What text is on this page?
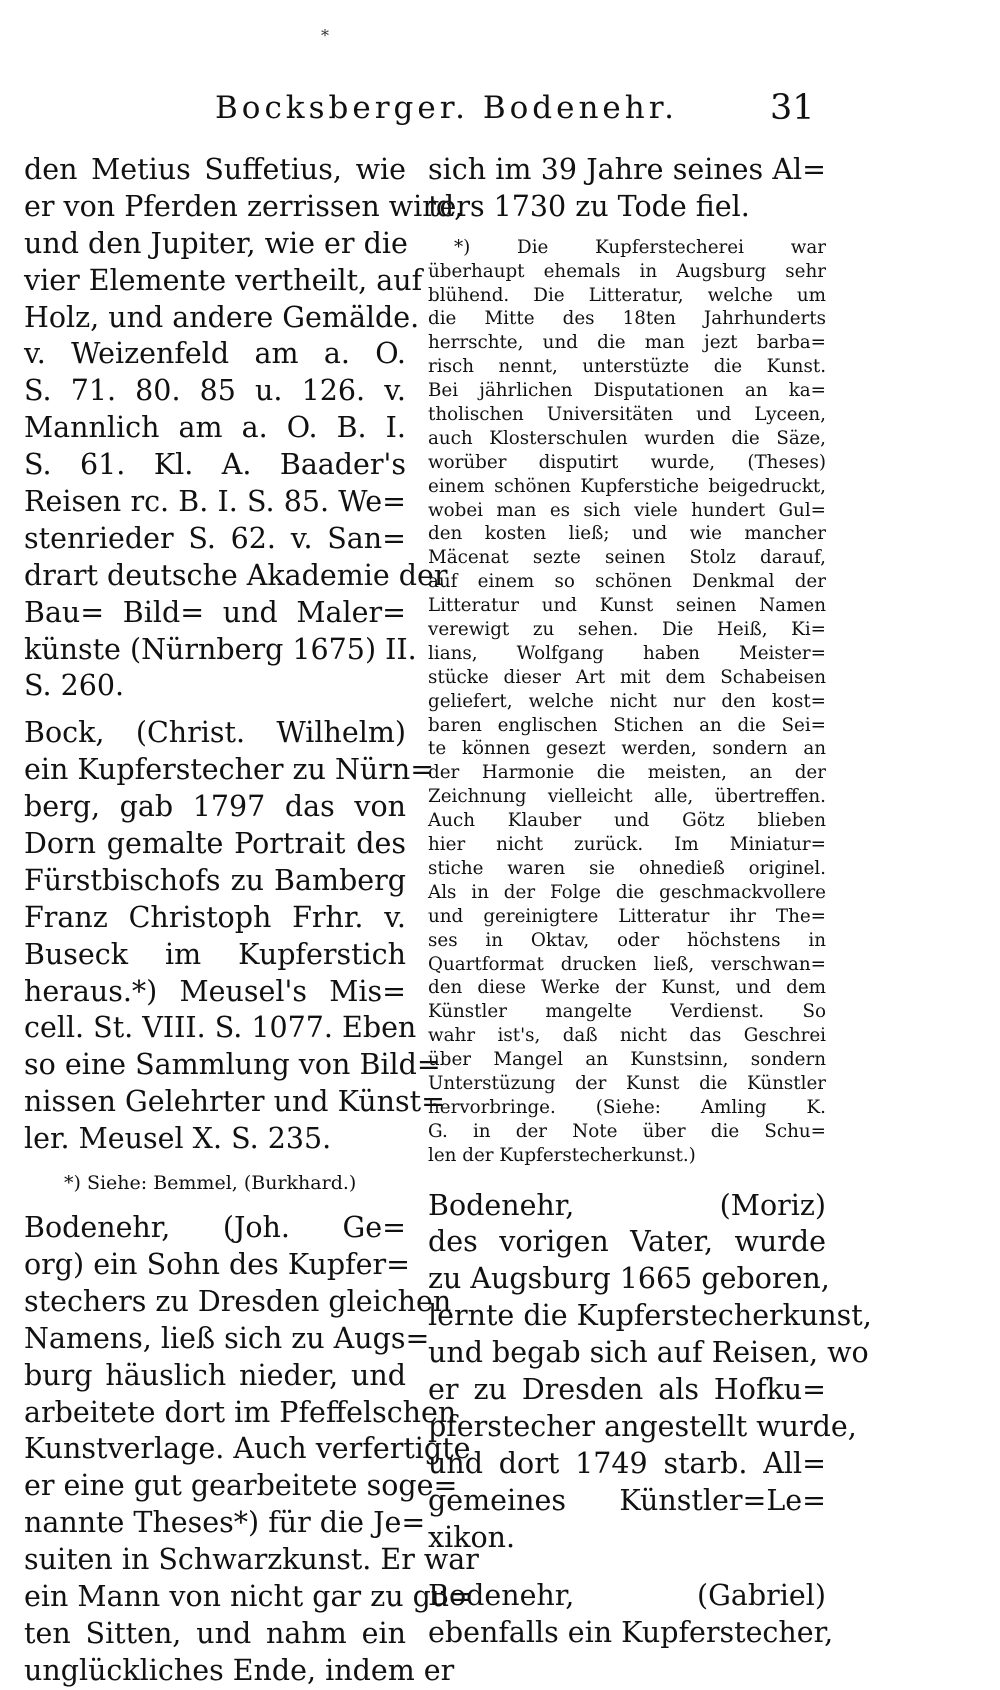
*
Bocksberger. Bodenehr.	31
den Metius Suffetius, wie
er von Pferden zerrissen wird,
und den Jupiter, wie er die
vier Elemente vertheilt, auf
Holz, und andere Gemälde.
v. Weizenfeld am a. O.
S. 71. 80. 85 u. 126. v.
Mannlich am a. O. B. I.
S. 61. Kl. A. Baader's
Reisen rc. B. I. S. 85. We=
stenrieder S. 62. v. San=
drart deutsche Akademie der
Bau= Bild= und Maler=
künste (Nürnberg 1675) II.
S. 260.
Bock, (Christ. Wilhelm)
ein Kupferstecher zu Nürn=
berg, gab 1797 das von
Dorn gemalte Portrait des
Fürstbischofs zu Bamberg
Franz Christoph Frhr. v.
Buseck im Kupferstich
heraus.*) Meusel's Mis=
cell. St. VIII. S. 1077. Eben
so eine Sammlung von Bild=
nissen Gelehrter und Künst=
ler. Meusel X. S. 235.
*) Siehe: Bemmel, (Burkhard.)
Bodenehr, (Joh. Ge=
org) ein Sohn des Kupfer=
stechers zu Dresden gleichen
Namens, ließ sich zu Augs=
burg häuslich nieder, und
arbeitete dort im Pfeffelschen
Kunstverlage. Auch verfertigte
er eine gut gearbeitete soge=
nannte Theses*) für die Je=
suiten in Schwarzkunst. Er war
ein Mann von nicht gar zu gu=
ten Sitten, und nahm ein
unglückliches Ende, indem er
sich im 39 Jahre seines Al=
ters 1730 zu Tode fiel.
*) Die Kupferstecherei war
überhaupt ehemals in Augsburg sehr
blühend. Die Litteratur, welche um
die Mitte des 18ten Jahrhunderts
herrschte, und die man jezt barba=
risch nennt, unterstüzte die Kunst.
Bei jährlichen Disputationen an ka=
tholischen Universitäten und Lyceen,
auch Klosterschulen wurden die Säze,
worüber disputirt wurde, (Theses)
einem schönen Kupferstiche beigedruckt,
wobei man es sich viele hundert Gul=
den kosten ließ; und wie mancher
Mäcenat sezte seinen Stolz darauf,
auf einem so schönen Denkmal der
Litteratur und Kunst seinen Namen
verewigt zu sehen. Die Heiß, Ki=
lians, Wolfgang haben Meister=
stücke dieser Art mit dem Schabeisen
geliefert, welche nicht nur den kost=
baren englischen Stichen an die Sei=
te können gesezt werden, sondern an
der Harmonie die meisten, an der
Zeichnung vielleicht alle, übertreffen.
Auch Klauber und Götz blieben
hier nicht zurück. Im Miniatur=
stiche waren sie ohnedieß originel.
Als in der Folge die geschmackvollere
und gereinigtere Litteratur ihr The=
ses in Oktav, oder höchstens in
Quartformat drucken ließ, verschwan=
den diese Werke der Kunst, und dem
Künstler mangelte Verdienst. So
wahr ist's, daß nicht das Geschrei
über Mangel an Kunstsinn, sondern
Unterstüzung der Kunst die Künstler
hervorbringe. (Siehe: Amling K.
G. in der Note über die Schu=
len der Kupferstecherkunst.)
Bodenehr, (Moriz)
des vorigen Vater, wurde
zu Augsburg 1665 geboren,
lernte die Kupferstecherkunst,
und begab sich auf Reisen, wo
er zu Dresden als Hofku=
pferstecher angestellt wurde,
und dort 1749 starb. All=
gemeines Künstler=Le=
xikon.
Bodenehr, (Gabriel)
ebenfalls ein Kupferstecher,
